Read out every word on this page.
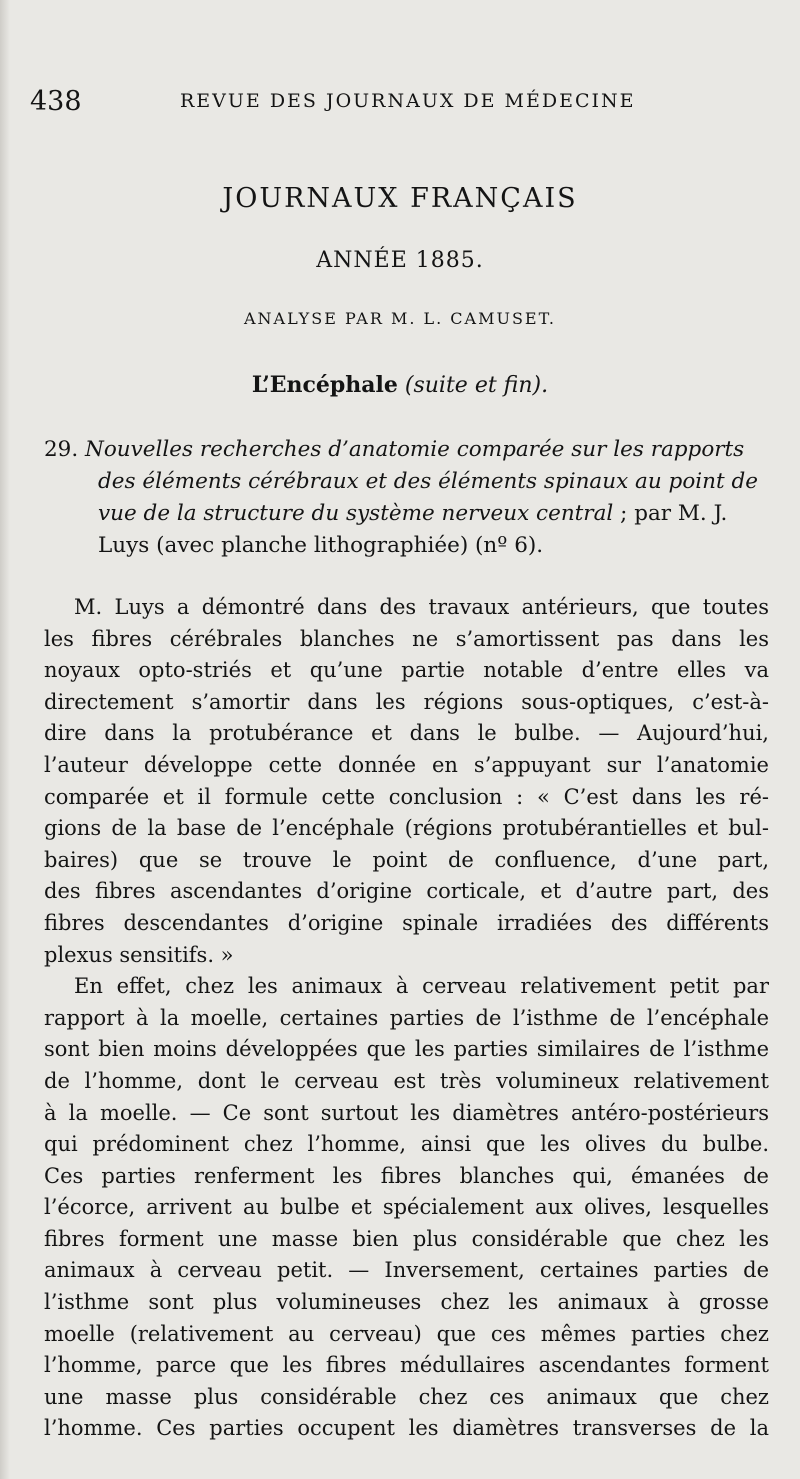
438	REVUE DES JOURNAUX DE MÉDECINE
JOURNAUX FRANÇAIS
ANNÉE 1885.
ANALYSE PAR M. L. CAMUSET.
L’Encéphale (suite et fin).
29. Nouvelles recherches d’anatomie comparée sur les rapports
des éléments cérébraux et des éléments spinaux au point de
vue de la structure du système nerveux central ; par M. J.
Luys (avec planche lithographiée) (nº 6).
M. Luys a démontré dans des travaux antérieurs, que toutes
les fibres cérébrales blanches ne s’amortissent pas dans les
noyaux opto-striés et qu’une partie notable d’entre elles va
directement s’amortir dans les régions sous-optiques, c’est-à-
dire dans la protubérance et dans le bulbe. — Aujourd’hui,
l’auteur développe cette donnée en s’appuyant sur l’anatomie
comparée et il formule cette conclusion : « C’est dans les ré-
gions de la base de l’encéphale (régions protubérantielles et bul-
baires) que se trouve le point de confluence, d’une part,
des fibres ascendantes d’origine corticale, et d’autre part, des
fibres descendantes d’origine spinale irradiées des différents
plexus sensitifs. »
En effet, chez les animaux à cerveau relativement petit par
rapport à la moelle, certaines parties de l’isthme de l’encéphale
sont bien moins développées que les parties similaires de l’isthme
de l’homme, dont le cerveau est très volumineux relativement
à la moelle. — Ce sont surtout les diamètres antéro-postérieurs
qui prédominent chez l’homme, ainsi que les olives du bulbe.
Ces parties renferment les fibres blanches qui, émanées de
l’écorce, arrivent au bulbe et spécialement aux olives, lesquelles
fibres forment une masse bien plus considérable que chez les
animaux à cerveau petit. — Inversement, certaines parties de
l’isthme sont plus volumineuses chez les animaux à grosse
moelle (relativement au cerveau) que ces mêmes parties chez
l’homme, parce que les fibres médullaires ascendantes forment
une masse plus considérable chez ces animaux que chez
l’homme. Ces parties occupent les diamètres transverses de la
